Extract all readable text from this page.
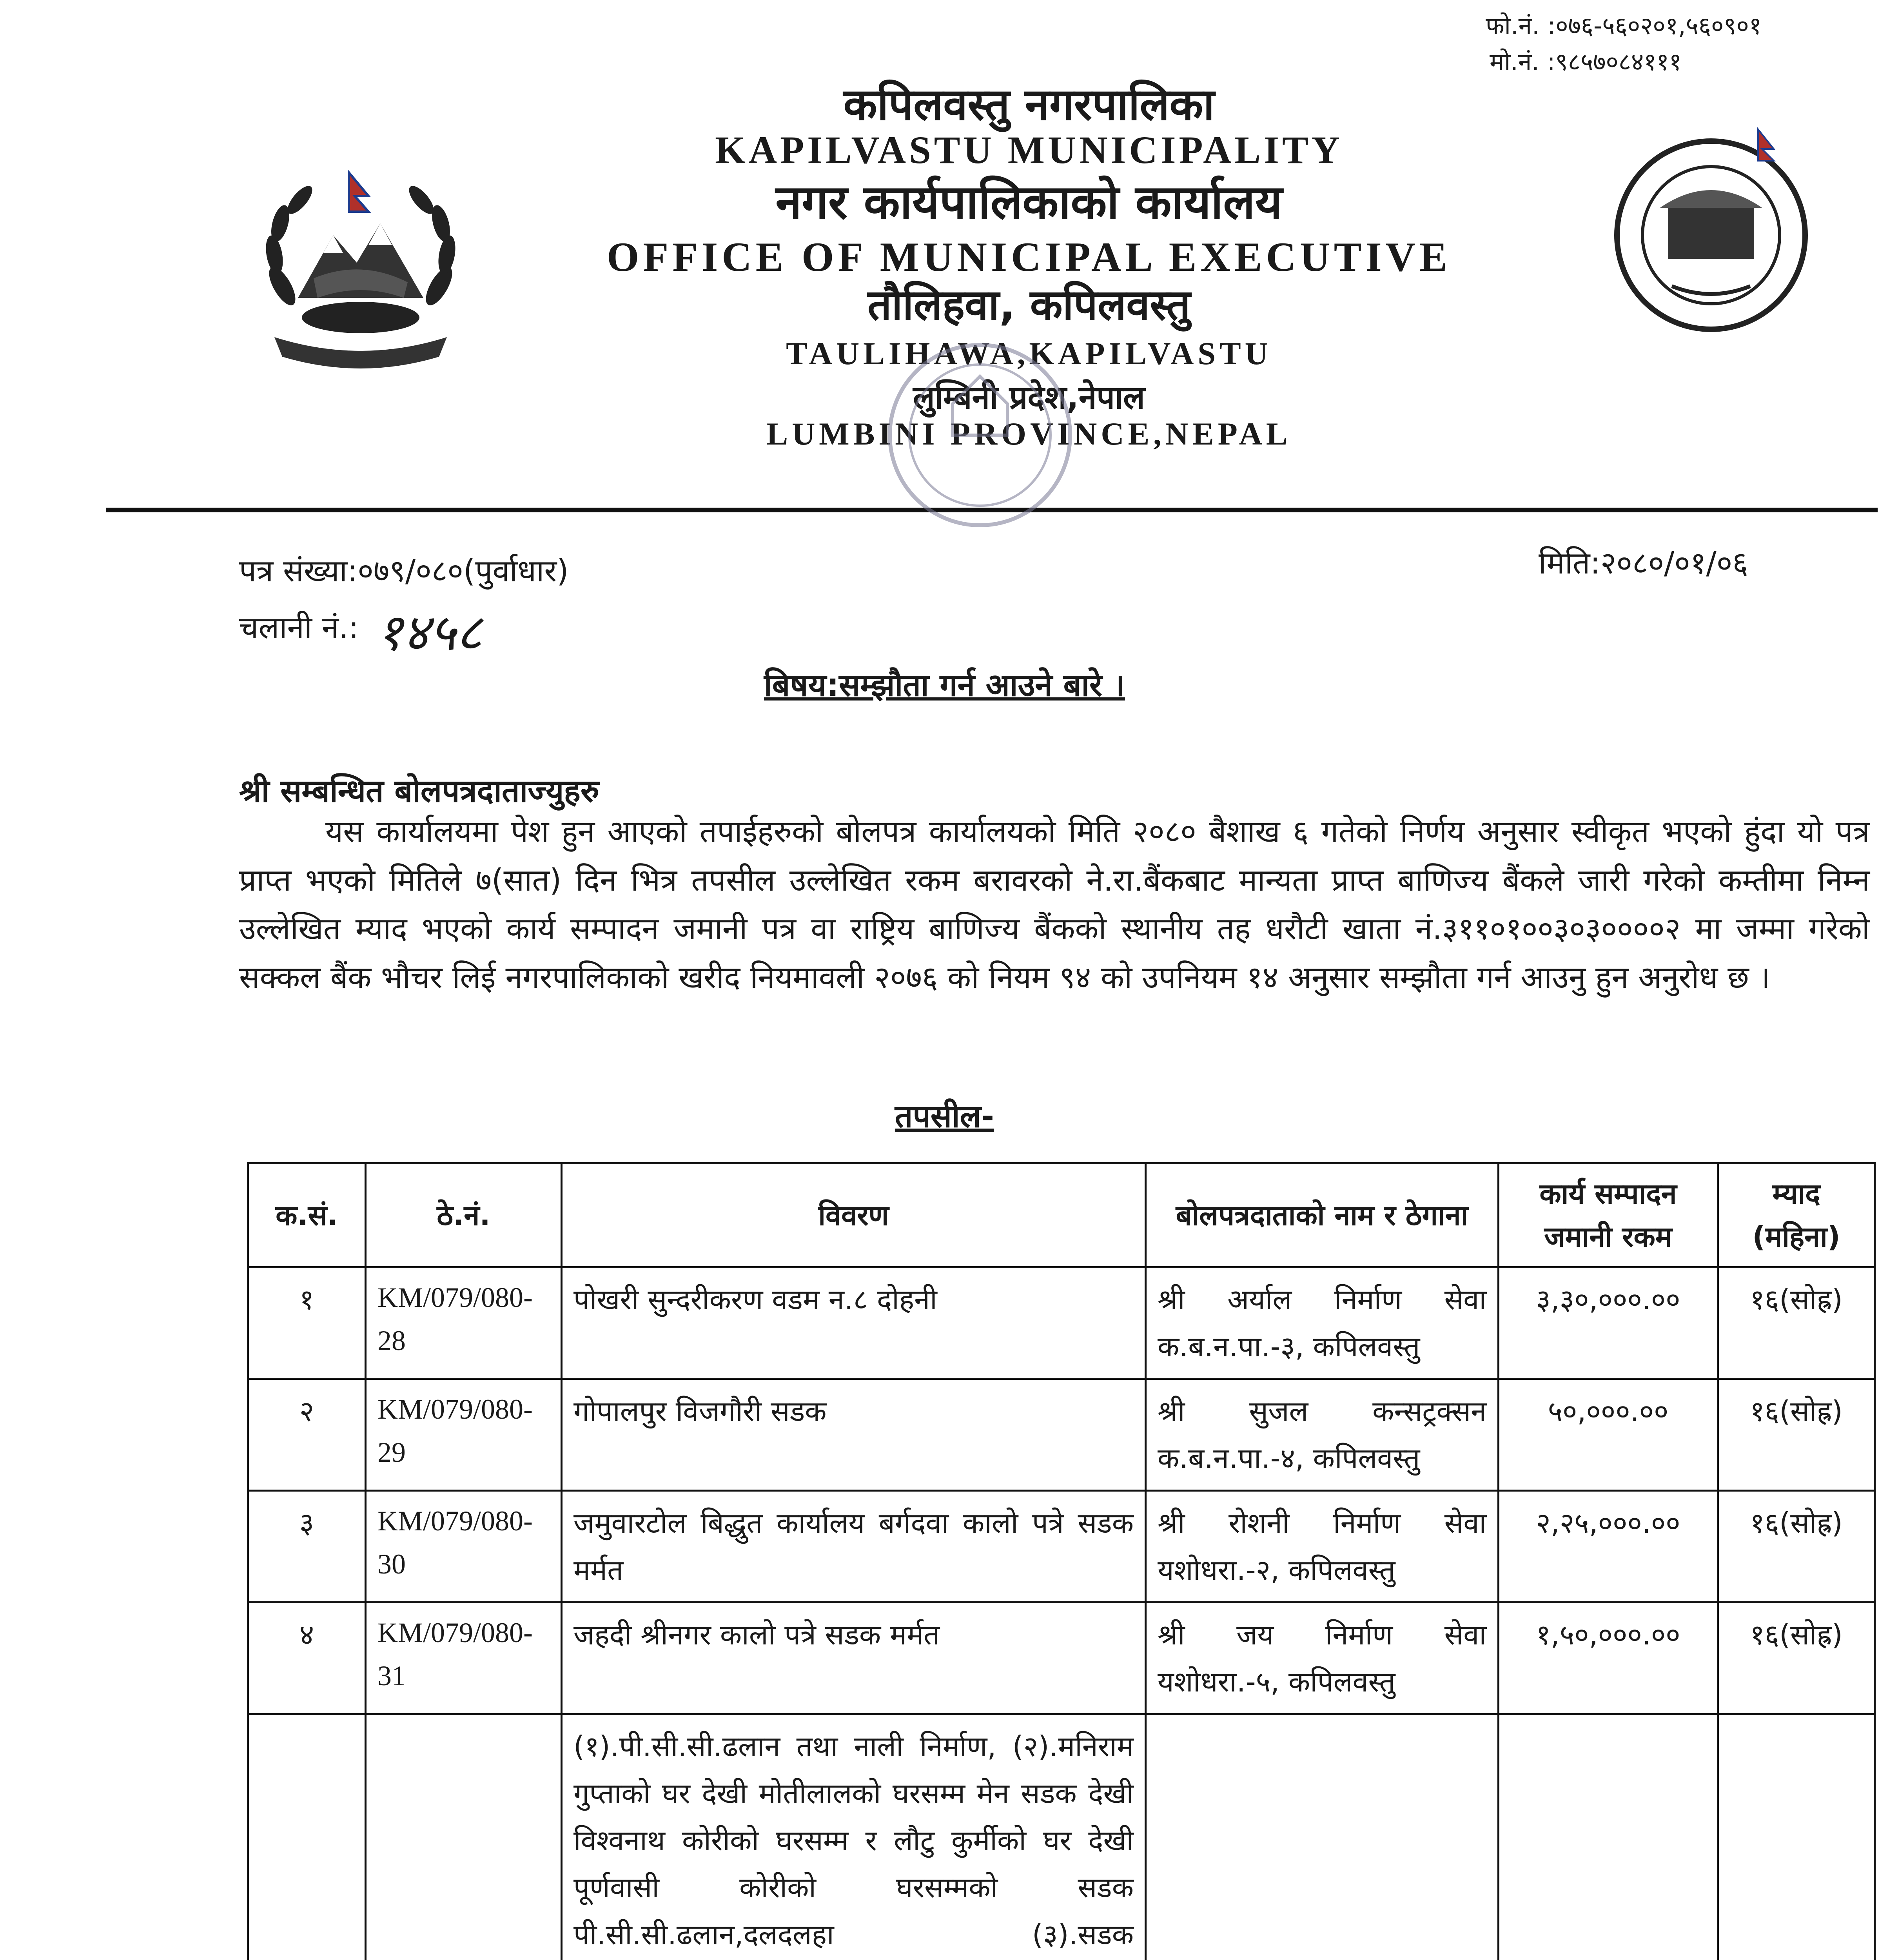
फो.नं. :०७६-५६०२०१,५६०९०१
मो.नं. :९८५७०८४१११
कपिलवस्तु नगरपालिका
KAPILVASTU MUNICIPALITY
नगर कार्यपालिकाको कार्यालय
OFFICE OF MUNICIPAL EXECUTIVE
तौलिहवा, कपिलवस्तु
TAULIHAWA,KAPILVASTU
लुम्बिनी प्रदेश,नेपाल
LUMBINI PROVINCE,NEPAL
पत्र संख्या:०७९/०८०(पुर्वाधार)
चलानी नं.: १४५८
मिति:२०८०/०१/०६
बिषय:सम्झौता गर्न आउने बारे ।
श्री सम्बन्धित बोलपत्रदाताज्युहरु
यस कार्यालयमा पेश हुन आएको तपाईहरुको बोलपत्र कार्यालयको मिति २०८० बैशाख ६ गतेको निर्णय अनुसार स्वीकृत भएको हुंदा यो पत्र प्राप्त भएको मितिले ७(सात) दिन भित्र तपसील उल्लेखित रकम बरावरको ने.रा.बैंकबाट मान्यता प्राप्त बाणिज्य बैंकले जारी गरेको कम्तीमा निम्न उल्लेखित म्याद भएको कार्य सम्पादन जमानी पत्र वा राष्ट्रिय बाणिज्य बैंकको स्थानीय तह धरौटी खाता नं.३११०१००३०३००००२ मा जम्मा गरेको सक्कल बैंक भौचर लिई नगरपालिकाको खरीद नियमावली २०७६ को नियम ९४ को उपनियम १४ अनुसार सम्झौता गर्न आउनु हुन अनुरोध छ ।
तपसील-
क.सं.	ठे.नं.	विवरण	बोलपत्रदाताको नाम र ठेगाना	कार्य सम्पादन जमानी रकम	म्याद (महिना)
१	KM/079/080-28	पोखरी सुन्दरीकरण वडम न.८ दोहनी	श्री अर्याल निर्माण सेवा क.ब.न.पा.-३, कपिलवस्तु	३,३०,०००.००	१६(सोह्र)
२	KM/079/080-29	गोपालपुर विजगौरी सडक	श्री सुजल कन्सट्रक्सन क.ब.न.पा.-४, कपिलवस्तु	५०,०००.००	१६(सोह्र)
३	KM/079/080-30	जमुवारटोल बिद्धुत कार्यालय बर्गदवा कालो पत्रे सडक मर्मत	श्री रोशनी निर्माण सेवा यशोधरा.-२, कपिलवस्तु	२,२५,०००.००	१६(सोह्र)
४	KM/079/080-31	जहदी श्रीनगर कालो पत्रे सडक मर्मत	श्री जय निर्माण सेवा यशोधरा.-५, कपिलवस्तु	१,५०,०००.००	१६(सोह्र)
		(१).पी.सी.सी.ढलान तथा नाली निर्माण, (२).मनिराम गुप्ताको घर देखी मोतीलालको घरसम्म मेन सडक देखी विश्वनाथ कोरीको घरसम्म र लौटु कुर्मीको घर देखी पूर्णवासी कोरीको घरसम्मको सडक पी.सी.सी.ढलान,दलदलहा (३).सडक			
